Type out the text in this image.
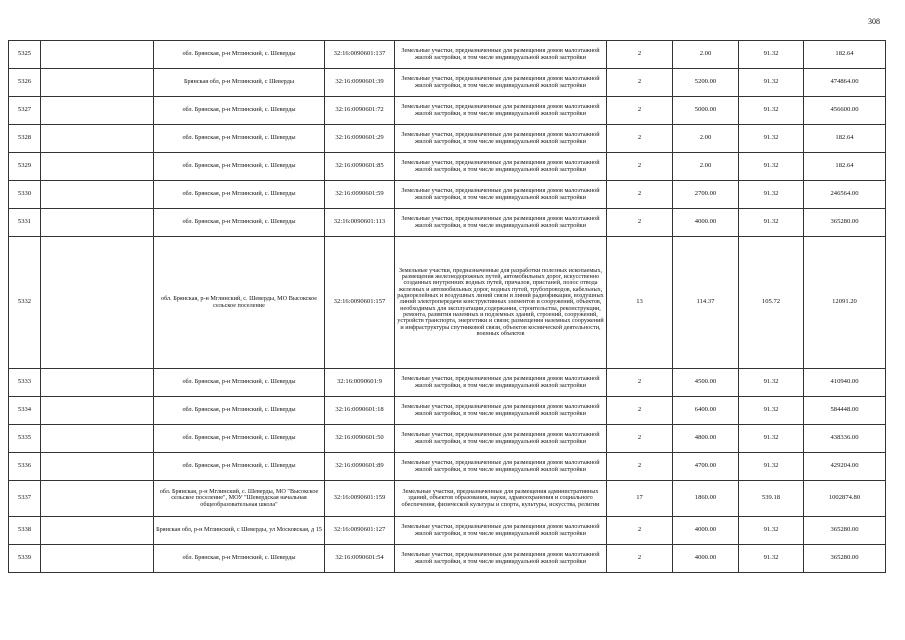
308
5325		обл. Брянская, р-н Мглинский, с. Шеверды	32:16:0090601:137	Земельные участки, предназначенные для размещения домов малоэтажной жилой застройки, в том числе индивидуальной жилой застройки	2	2.00	91.32	182.64
5326		Брянская обл, р-н Мглинский, с Шеверды	32:16:0090601:39	Земельные участки, предназначенные для размещения домов малоэтажной жилой застройки, в том числе индивидуальной жилой застройки	2	5200.00	91.32	474864.00
5327		обл. Брянская, р-н Мглинский, с. Шеверды	32:16:0090601:72	Земельные участки, предназначенные для размещения домов малоэтажной жилой застройки, в том числе индивидуальной жилой застройки	2	5000.00	91.32	456600.00
5328		обл. Брянская, р-н Мглинский, с. Шеверды	32:16:0090601:29	Земельные участки, предназначенные для размещения домов малоэтажной жилой застройки, в том числе индивидуальной жилой застройки	2	2.00	91.32	182.64
5329		обл. Брянская, р-н Мглинский, с. Шеверды	32:16:0090601:85	Земельные участки, предназначенные для размещения домов малоэтажной жилой застройки, в том числе индивидуальной жилой застройки	2	2.00	91.32	182.64
5330		обл. Брянская, р-н Мглинский, с. Шеверды	32:16:0090601:59	Земельные участки, предназначенные для размещения домов малоэтажной жилой застройки, в том числе индивидуальной жилой застройки	2	2700.00	91.32	246564.00
5331		обл. Брянская, р-н Мглинский, с. Шеверды	32:16:0090601:113	Земельные участки, предназначенные для размещения домов малоэтажной жилой застройки, в том числе индивидуальной жилой застройки	2	4000.00	91.32	365280.00
5332		обл. Брянская, р-н Мглинский, с. Шеверды, МО Высокское сельское поселение	32:16:0090601:157	Земельные участки, предназначенные для разработки полезных ископаемых, размещения железнодорожных путей, автомобильных дорог, искусственно созданных внутренних водных путей, причалов, пристаней, полос отвода железных и автомобильных дорог, водных путей, трубопроводов, кабельных, радиорелейных и воздушных линий связи и линий радиофикации, воздушных линий электропередачи конструктивных элементов и сооружений, объектов, необходимых для эксплуатации,содержания, строительства, реконструкции, ремонта, развития наземных и подземных зданий, строений, сооружений, устройств транспорта, энергетики и связи; размещения наземных сооружений и инфраструктуры спутниковой связи, объектов космической деятельности, военных объектов	13	114.37	105.72	12091.20
5333		обл. Брянская, р-н Мглинский, с. Шеверды	32:16:0090601:9	Земельные участки, предназначенные для размещения домов малоэтажной жилой застройки, в том числе индивидуальной жилой застройки	2	4500.00	91.32	410940.00
5334		обл. Брянская, р-н Мглинский, с. Шеверды	32:16:0090601:18	Земельные участки, предназначенные для размещения домов малоэтажной жилой застройки, в том числе индивидуальной жилой застройки	2	6400.00	91.32	584448.00
5335		обл. Брянская, р-н Мглинский, с. Шеверды	32:16:0090601:50	Земельные участки, предназначенные для размещения домов малоэтажной жилой застройки, в том числе индивидуальной жилой застройки	2	4800.00	91.32	438336.00
5336		обл. Брянская, р-н Мглинский, с. Шеверды	32:16:0090601:89	Земельные участки, предназначенные для размещения домов малоэтажной жилой застройки, в том числе индивидуальной жилой застройки	2	4700.00	91.32	429204.00
5337		обл. Брянская, р-н Мглинский, с. Шеверды, МО "Высокское сельское поселение", МОУ "Шевердская начальная общеобразовательная школа"	32:16:0090601:159	Земельные участки, предназначенные для размещения административных зданий, объектов образования, науки, здравоохранения и социального обеспечения, физической культуры и спорта, культуры, искусства, религии	17	1860.00	539.18	1002874.80
5338		Брянская обл, р-н Мглинский, с Шеверды, ул Московская, д 15	32:16:0090601:127	Земельные участки, предназначенные для размещения домов малоэтажной жилой застройки, в том числе индивидуальной жилой застройки	2	4000.00	91.32	365280.00
5339		обл. Брянская, р-н Мглинский, с. Шеверды	32:16:0090601:54	Земельные участки, предназначенные для размещения домов малоэтажной жилой застройки, в том числе индивидуальной жилой застройки	2	4000.00	91.32	365280.00
